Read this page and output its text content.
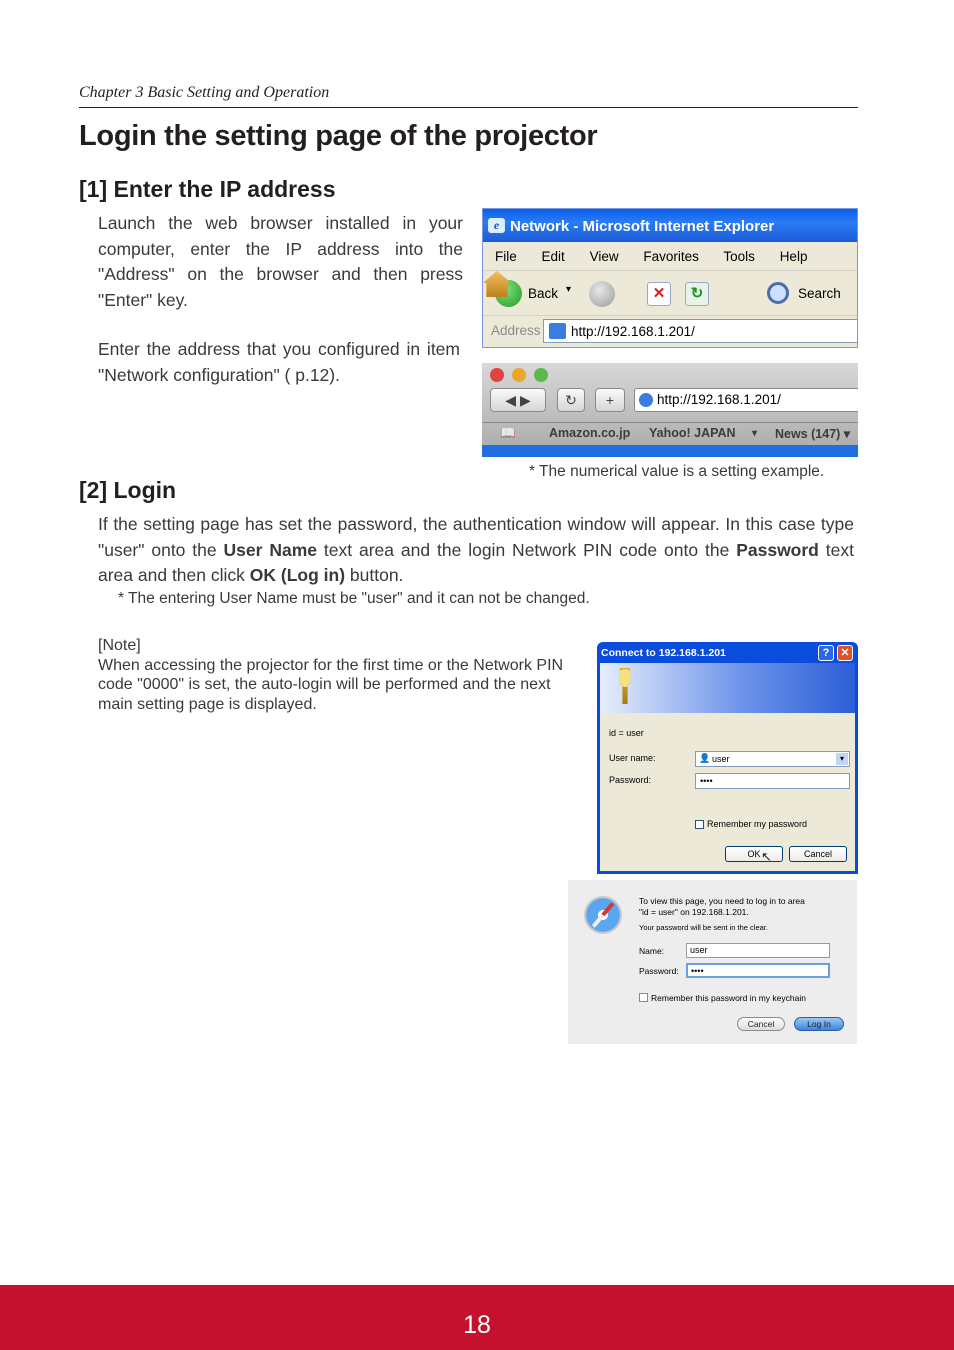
Chapter 3 Basic Setting and Operation
Login the setting page of the projector
[1] Enter the IP address
Launch the web browser installed in your computer, enter the IP address into the "Address" on the browser and then press "Enter" key.
Enter the address that you configured in item "Network configuration" ( p.12).
e Network - Microsoft Internet Explorer
File Edit View Favorites Tools Help
Back ▾	✕	↻	Search
Address http://192.168.1.201/
◀ ▶	↻	+	http://192.168.1.201/
📖	Amazon.co.jp Yahoo! JAPAN ▾ News (147) ▾
* The numerical value is a setting example.
[2] Login
If the setting page has set the password, the authentication window will appear. In this case type "user" onto the User Name text area and the login Network PIN code onto the Password text area and then click OK (Log in) button.
* The entering User Name must be "user" and it can not be changed.
[Note]
When accessing the projector for the first time or the Network PIN code "0000" is set, the auto-login will be performed and the next main setting page is displayed.
Connect to 192.168.1.201	?	✕
id = user
User name:	user
👤	▾
Password:	••••
Remember my password
OK ↖	Cancel
To view this page, you need to log in to area
"id = user" on 192.168.1.201.
Your password will be sent in the clear.
Name:	user
Password:	••••
Remember this password in my keychain
Cancel	Log In
18
